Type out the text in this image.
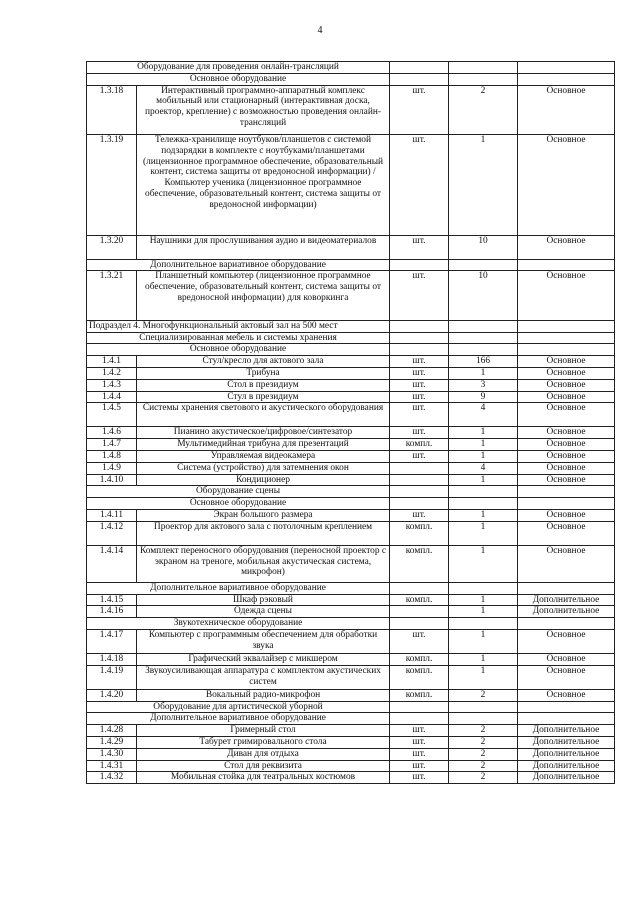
4
Оборудование для проведения онлайн-трансляций				
Основное оборудование				
1.3.18	Интерактивный программно-аппаратный комплекс мобильный или стационарный (интерактивная доска, проектор, крепление) с возможностью проведения онлайн-трансляций	шт.	2	Основное
1.3.19	Тележка-хранилище ноутбуков/планшетов с системой подзарядки в комплекте с ноутбуками/планшетами (лицензионное программное обеспечение, образовательный контент, система защиты от вредоносной информации) / Компьютер ученика (лицензионное программное обеспечение, образовательный контент, система защиты от вредоносной информации)	шт.	1	Основное
1.3.20	Наушники для прослушивания аудио и видеоматериалов	шт.	10	Основное
Дополнительное вариативное оборудование				
1.3.21	Планшетный компьютер (лицензионное программное обеспечение, образовательный контент, система защиты от вредоносной информации) для коворкинга	шт.	10	Основное
Подраздел 4. Многофункциональный актовый зал на 500 мест				
Специализированная мебель и системы хранения				
Основное оборудование				
1.4.1	Стул/кресло для актового зала	шт.	166	Основное
1.4.2	Трибуна	шт.	1	Основное
1.4.3	Стол в президиум	шт.	3	Основное
1.4.4	Стул в президиум	шт.	9	Основное
1.4.5	Системы хранения светового и акустического оборудования	шт.	4	Основное
1.4.6	Пианино акустическое/цифровое/синтезатор	шт.	1	Основное
1.4.7	Мультимедийная трибуна для презентаций	компл.	1	Основное
1.4.8	Управляемая видеокамера	шт.	1	Основное
1.4.9	Система (устройство) для затемнения окон		4	Основное
1.4.10	Кондиционер		1	Основное
Оборудование сцены				
Основное оборудование				
1.4.11	Экран большого размера	шт.	1	Основное
1.4.12	Проектор для актового зала с потолочным креплением	компл.	1	Основное
1.4.14	Комплект переносного оборудования (переносной проектор с экраном на треноге, мобильная акустическая система, микрофон)	компл.	1	Основное
Дополнительное вариативное оборудование				
1.4.15	Шкаф рэковый	компл.	1	Дополнительное
1.4.16	Одежда сцены		1	Дополнительное
Звукотехническое оборудование				
1.4.17	Компьютер с программным обеспечением для обработки звука	шт.	1	Основное
1.4.18	Графический эквалайзер с микшером	компл.	1	Основное
1.4.19	Звукоусиливающая аппаратура с комплектом акустических систем	компл.	1	Основное
1.4.20	Вокальный радио-микрофон	компл.	2	Основное
Оборудование для артистической уборной				
Дополнительное вариативное оборудование				
1.4.28	Гримерный стол	шт.	2	Дополнительное
1.4.29	Табурет гримировального стола	шт.	2	Дополнительное
1.4.30	Диван для отдыха	шт.	2	Дополнительное
1.4.31	Стол для реквизита	шт.	2	Дополнительное
1.4.32	Мобильная стойка для театральных костюмов	шт.	2	Дополнительное
